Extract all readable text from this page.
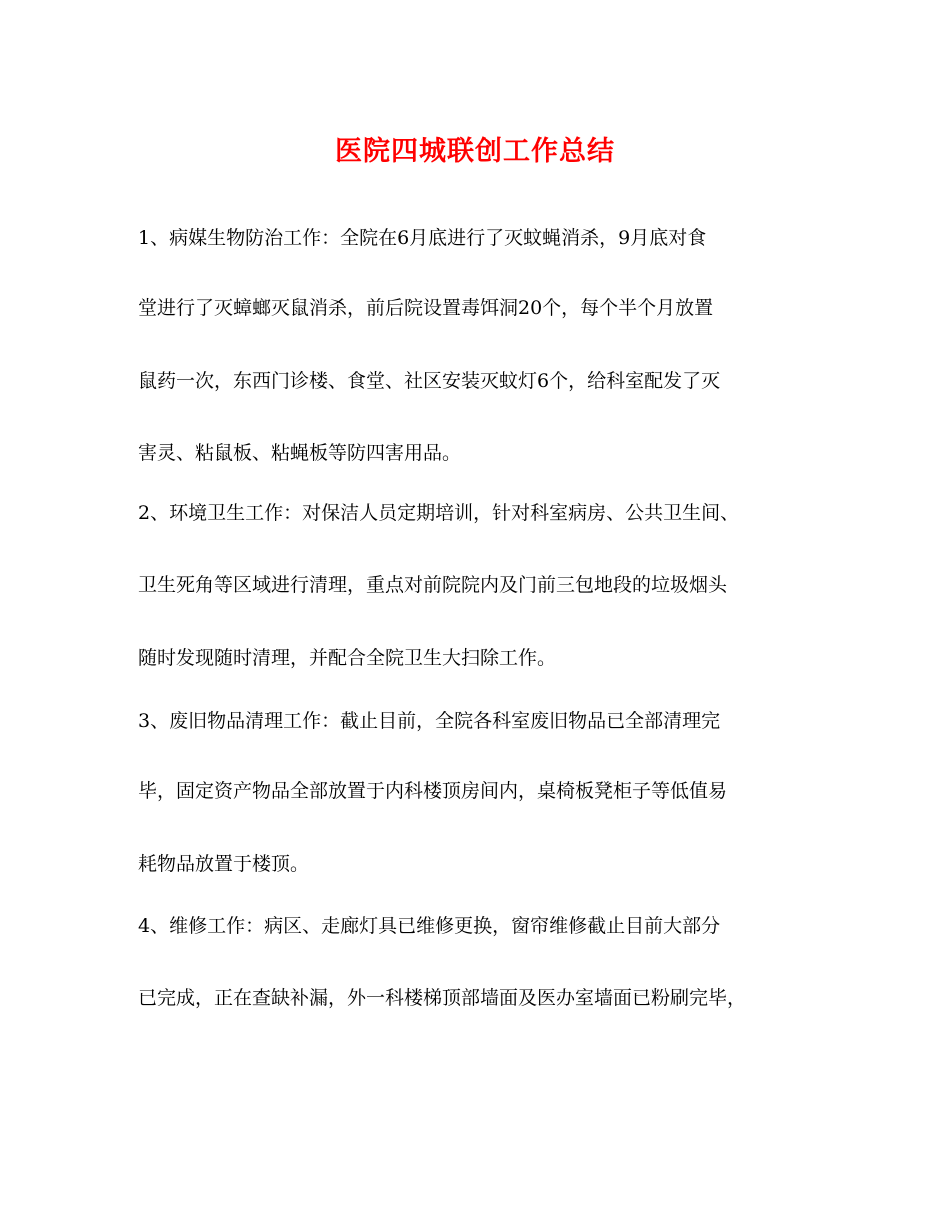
医院四城联创工作总结

1、病媒生物防治工作：全院在6月底进行了灭蚊蝇消杀，9月底对食

堂进行了灭蟑螂灭鼠消杀，前后院设置毒饵洞20个，每个半个月放置

鼠药一次，东西门诊楼、食堂、社区安装灭蚊灯6个，给科室配发了灭

害灵、粘鼠板、粘蝇板等防四害用品。

2、环境卫生工作：对保洁人员定期培训，针对科室病房、公共卫生间、

卫生死角等区域进行清理，重点对前院院内及门前三包地段的垃圾烟头

随时发现随时清理，并配合全院卫生大扫除工作。

3、废旧物品清理工作：截止目前，全院各科室废旧物品已全部清理完

毕，固定资产物品全部放置于内科楼顶房间内，桌椅板凳柜子等低值易

耗物品放置于楼顶。

4、维修工作：病区、走廊灯具已维修更换，窗帘维修截止目前大部分

已完成，正在查缺补漏，外一科楼梯顶部墙面及医办室墙面已粉刷完毕，
